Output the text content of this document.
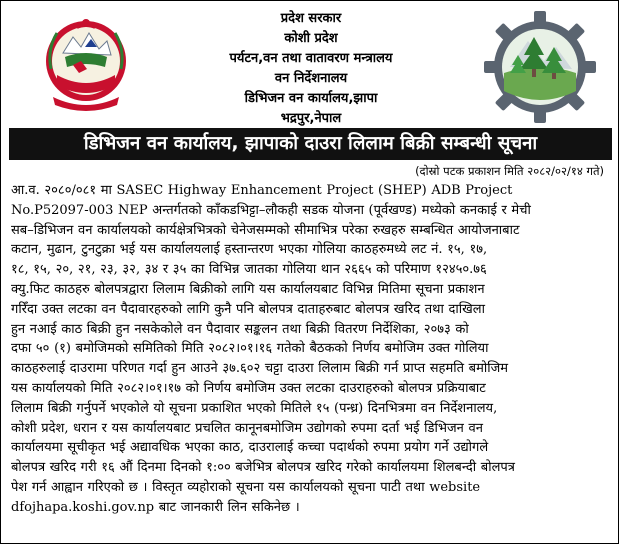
प्रदेश सरकार
कोशी प्रदेश
पर्यटन,वन तथा वातावरण मन्त्रालय
वन निर्देशनालय
डिभिजन वन कार्यालय,झापा
भद्रपुर,नेपाल
डिभिजन वन कार्यालय, झापाको दाउरा लिलाम बिक्री सम्बन्धी सूचना
(दोस्रो पटक प्रकाशन मिति २०८२/०२/१४ गते)
आ.व. २०८०/०८१ मा SASEC Highway Enhancement Project (SHEP) ADB Project
No.P52097-003 NEP अन्तर्गतको काँकडभिट्टा–लौकही सडक योजना (पूर्वखण्ड) मध्येको कनकाई र मेची
सब–डिभिजन वन कार्यालयको कार्यक्षेत्रभित्रको चेनेजसम्मको सीमाभित्र परेका रुखहरु सम्बन्धित आयोजनाबाट
कटान, मुढान, टुनटुक्रा भई यस कार्यालयलाई हस्तान्तरण भएका गोलिया काठहरुमध्ये लट नं. १५, १७,
१८, १५, २०, २१, २३, ३२, ३४ र ३५ का विभिन्न जातका गोलिया थान २६६५ को परिमाण १२४५०.७६
क्यु.फिट काठहरु बोलपत्रद्वारा लिलाम बिक्रीको लागि यस कार्यालयबाट विभिन्न मितिमा सूचना प्रकाशन
गरिँदा उक्त लटका वन पैदावारहरुको लागि कुनै पनि बोलपत्र दाताहरुबाट बोलपत्र खरिद तथा दाखिला
हुन नआई काठ बिक्री हुन नसकेकोले वन पैदावार सङ्कलन तथा बिक्री वितरण निर्देशिका, २०७३ को
दफा ५० (१) बमोजिमको समितिको मिति २०८२।०१।१६ गतेको बैठकको निर्णय बमोजिम उक्त गोलिया
काठहरुलाई दाउरामा परिणत गर्दा हुन आउने ३७.६०२ चट्टा दाउरा लिलाम बिक्री गर्न प्राप्त सहमति बमोजिम
यस कार्यालयको मिति २०८२।०१।१७ को निर्णय बमोजिम उक्त लटका दाउराहरुको बोलपत्र प्रक्रियाबाट
लिलाम बिक्री गर्नुपर्ने भएकोले यो सूचना प्रकाशित भएको मितिले १५ (पन्ध्र) दिनभित्रमा वन निर्देशनालय,
कोशी प्रदेश, धरान र यस कार्यालयबाट प्रचलित कानूनबमोजिम उद्योगको रुपमा दर्ता भई डिभिजन वन
कार्यालयमा सूचीकृत भई अद्यावधिक भएका काठ, दाउरालाई कच्चा पदार्थको रुपमा प्रयोग गर्ने उद्योगले
बोलपत्र खरिद गरी १६ औं दिनमा दिनको १:०० बजेभित्र बोलपत्र खरिद गरेको कार्यालयमा शिलबन्दी बोलपत्र
पेश गर्न आह्वान गरिएको छ । विस्तृत व्यहोराको सूचना यस कार्यालयको सूचना पाटी तथा website
dfojhapa.koshi.gov.np बाट जानकारी लिन सकिनेछ ।
